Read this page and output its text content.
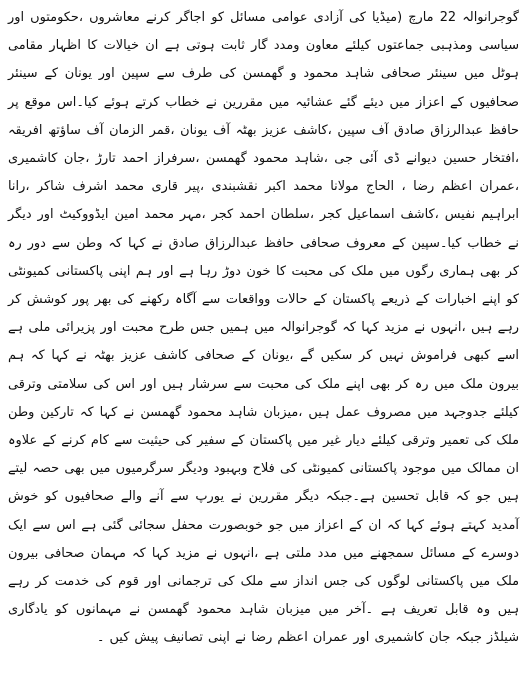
گوجرانوالہ 22 مارچ (میڈیا کی آزادی عوامی مسائل کو اجاگر کرنے معاشروں ،حکومتوں اور سیاسی ومذہبی جماعتوں کیلئے معاون ومدد گار ثابت ہوتی ہے ان خیالات کا اظہار مقامی ہوٹل میں سینئر صحافی شاہد محمود و گھمسن کی طرف سے سپین اور یونان کے سینئر صحافیوں کے اعزاز میں دیئے گئے عشائیہ میں مقررین نے خطاب کرتے ہوئے کیا۔اس موقع پر حافظ عبدالرزاق صادق آف سپین ،کاشف عزیز بھٹہ آف یونان ،قمر الزمان آف ساؤتھ افریقہ ،افتخار حسین دیوانے ڈی آئی جی ،شاہد محمود گھمسن ،سرفراز احمد تارڑ ،جان کاشمیری ،عمران اعظم رضا ، الحاج مولانا محمد اکبر نقشبندی ،پیر قاری محمد اشرف شاکر ،رانا ابراہیم نفیس ،کاشف اسماعیل کجر ،سلطان احمد کجر ،مہر محمد امین ایڈووکیٹ اور دیگر نے خطاب کیا۔سپین کے معروف صحافی حافظ عبدالرزاق صادق نے کہا کہ وطن سے دور رہ کر بھی ہماری رگوں میں ملک کی محبت کا خون دوڑ رہا ہے اور ہم اپنی پاکستانی کمیونٹی کو اپنے اخبارات کے ذریعے پاکستان کے حالات وواقعات سے آگاہ رکھنے کی بھر پور کوشش کر رہے ہیں ،انہوں نے مزید کہا کہ گوجرانوالہ میں ہمیں جس طرح محبت اور پزیرائی ملی ہے اسے کبھی فراموش نہیں کر سکیں گے ،یونان کے صحافی کاشف عزیز بھٹہ نے کہا کہ ہم بیرون ملک میں رہ کر بھی اپنے ملک کی محبت سے سرشار ہیں اور اس کی سلامتی وترقی کیلئے جدوجہد میں مصروف عمل ہیں ،میزبان شاہد محمود گھمسن نے کہا کہ تارکین وطن ملک کی تعمیر وترقی کیلئے دیار غیر میں پاکستان کے سفیر کی حیثیت سے کام کرنے کے علاوہ ان ممالک میں موجود پاکستانی کمیونٹی کی فلاح وبہبود ودیگر سرگرمیوں میں بھی حصہ لیتے ہیں جو کہ قابل تحسین ہے۔جبکہ دیگر مقررین نے یورپ سے آنے والے صحافیوں کو خوش آمدید کہتے ہوئے کہا کہ ان کے اعزاز میں جو خوبصورت محفل سجائی گئی ہے اس سے ایک دوسرے کے مسائل سمجھنے میں مدد ملتی ہے ،انہوں نے مزید کہا کہ مہمان صحافی بیرون ملک میں پاکستانی لوگوں کی جس انداز سے ملک کی ترجمانی اور قوم کی خدمت کر رہے ہیں وہ قابل تعریف ہے ۔آخر میں میزبان شاہد محمود گھمسن نے مہمانوں کو یادگاری شیلڈز جبکہ جان کاشمیری اور عمران اعظم رضا نے اپنی تصانیف پیش کیں ۔
